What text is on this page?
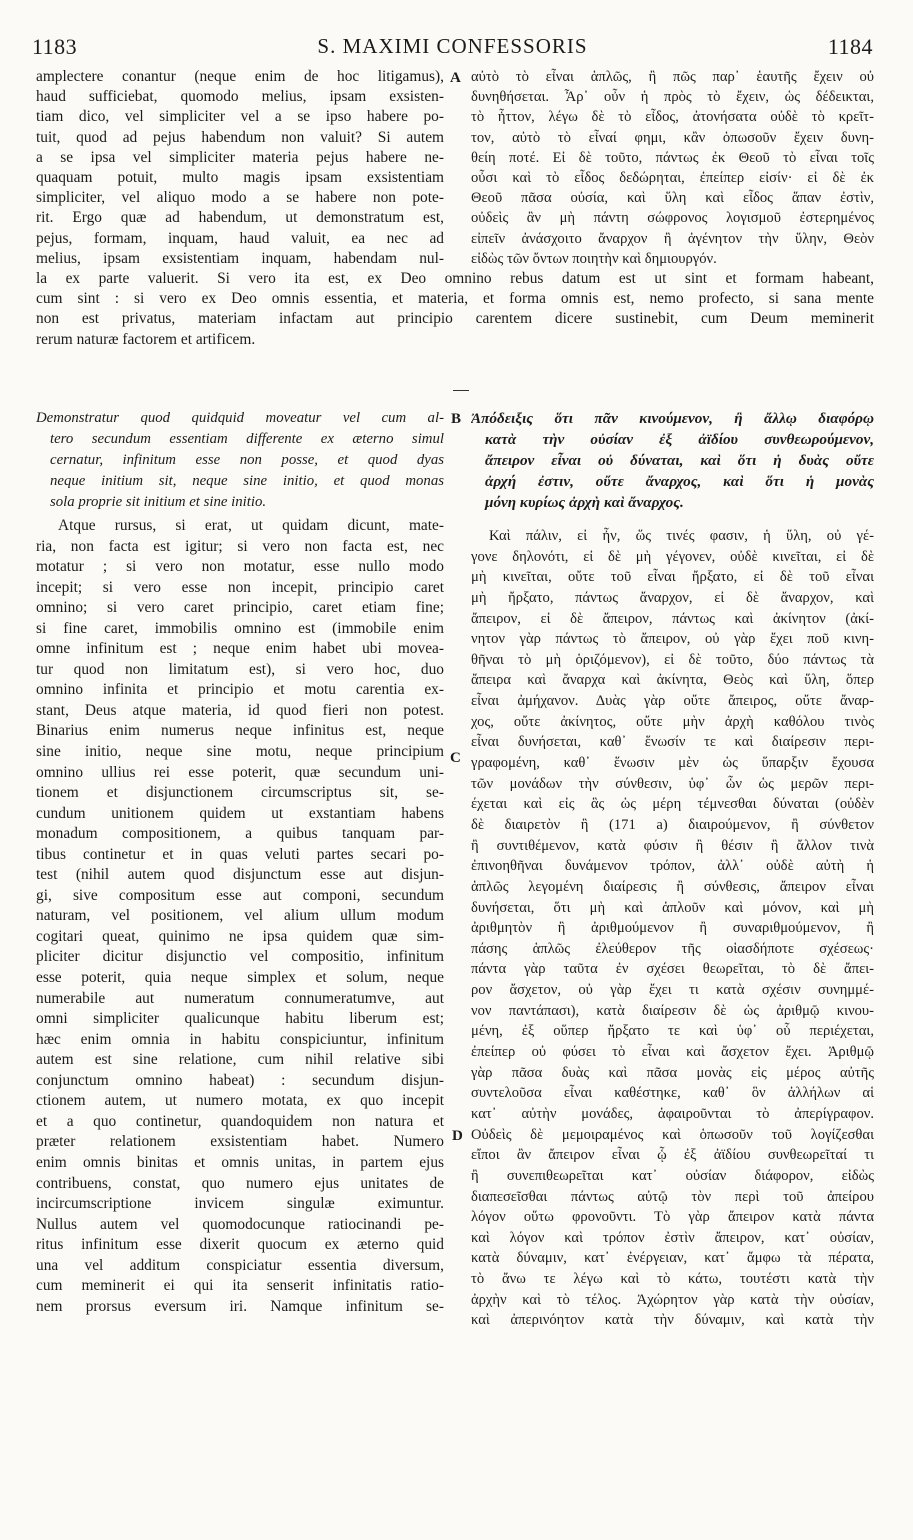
S. MAXIMI CONFESSORIS
1183	1184
A
B
C
D
amplectere conantur (neque enim de hoc litigamus),
haud sufficiebat, quomodo melius, ipsam exsisten-
tiam dico, vel simpliciter vel a se ipso habere po-
tuit, quod ad pejus habendum non valuit? Si autem
a se ipsa vel simpliciter materia pejus habere ne-
quaquam potuit, multo magis ipsam exsistentiam
simpliciter, vel aliquo modo a se habere non pote-
rit. Ergo quæ ad habendum, ut demonstratum est,
pejus, formam, inquam, haud valuit, ea nec ad
melius, ipsam exsistentiam inquam, habendam nul-
αὐτὸ τὸ εἶναι ἁπλῶς, ἢ πῶς παρ᾽ ἑαυτῆς ἔχειν οὐ
δυνηθήσεται. Ἆρ᾽ οὖν ἡ πρὸς τὸ ἔχειν, ὡς δέδεικται,
τὸ ἧττον, λέγω δὲ τὸ εἶδος, ἀτονήσατα οὐδὲ τὸ κρεῖτ-
τον, αὐτὸ τὸ εἶναί φημι, κἂν ὁπωσοῦν ἔχειν δυνη-
θείη ποτέ. Εἰ δὲ τοῦτο, πάντως ἐκ Θεοῦ τὸ εἶναι τοῖς
οὖσι καὶ τὸ εἶδος δεδώρηται, ἐπείπερ εἰσίν· εἰ δὲ ἐκ
Θεοῦ πᾶσα οὐσία, καὶ ὕλη καὶ εἶδος ἅπαν ἐστὶν,
οὐδεὶς ἂν μὴ πάντη σώφρονος λογισμοῦ ἐστερημένος
εἰπεῖν ἀνάσχοιτο ἄναρχον ἢ ἀγένητον τὴν ὕλην, Θεὸν
εἰδὼς τῶν ὄντων ποιητὴν καὶ δημιουργόν.
la ex parte valuerit. Si vero ita est, ex Deo omnino rebus datum est ut sint et formam habeant,
cum sint : si vero ex Deo omnis essentia, et materia, et forma omnis est, nemo profecto, si sana mente
non est privatus, materiam infactam aut principio carentem dicere sustinebit, cum Deum meminerit
rerum naturæ factorem et artificem.
Demonstratur quod quidquid moveatur vel cum al-
tero secundum essentiam differente ex æterno simul
cernatur, infinitum esse non posse, et quod dyas
neque initium sit, neque sine initio, et quod monas
sola proprie sit initium et sine initio.
Ἀπόδειξις ὅτι πᾶν κινούμενον, ἢ ἄλλῳ διαφόρῳ
κατὰ τὴν οὐσίαν ἐξ ἀϊδίου συνθεωρούμενον,
ἄπειρον εἶναι οὐ δύναται, καὶ ὅτι ἡ δυὰς οὔτε
ἀρχή ἐστιν, οὔτε ἄναρχος, καὶ ὅτι ἡ μονὰς
μόνη κυρίως ἀρχὴ καὶ ἄναρχος.
Atque rursus, si erat, ut quidam dicunt, mate-
ria, non facta est igitur; si vero non facta est, nec
motatur ; si vero non motatur, esse nullo modo
incepit; si vero esse non incepit, principio caret
omnino; si vero caret principio, caret etiam fine;
si fine caret, immobilis omnino est (immobile enim
omne infinitum est ; neque enim habet ubi movea-
tur quod non limitatum est), si vero hoc, duo
omnino infinita et principio et motu carentia ex-
stant, Deus atque materia, id quod fieri non potest.
Binarius enim numerus neque infinitus est, neque
sine initio, neque sine motu, neque principium
omnino ullius rei esse poterit, quæ secundum uni-
tionem et disjunctionem circumscriptus sit, se-
cundum unitionem quidem ut exstantiam habens
monadum compositionem, a quibus tanquam par-
tibus continetur et in quas veluti partes secari po-
test (nihil autem quod disjunctum esse aut disjun-
gi, sive compositum esse aut componi, secundum
naturam, vel positionem, vel alium ullum modum
cogitari queat, quinimo ne ipsa quidem quæ sim-
pliciter dicitur disjunctio vel compositio, infinitum
esse poterit, quia neque simplex et solum, neque
numerabile aut numeratum connumeratumve, aut
omni simpliciter qualicunque habitu liberum est;
hæc enim omnia in habitu conspiciuntur, infinitum
autem est sine relatione, cum nihil relative sibi
conjunctum omnino habeat) : secundum disjun-
ctionem autem, ut numero motata, ex quo incepit
et a quo continetur, quandoquidem non natura et
præter relationem exsistentiam habet. Numero
enim omnis binitas et omnis unitas, in partem ejus
contribuens, constat, quo numero ejus unitates de
incircumscriptione invicem singulæ eximuntur.
Nullus autem vel quomodocunque ratiocinandi pe-
ritus infinitum esse dixerit quocum ex æterno quid
una vel additum conspiciatur essentia diversum,
cum meminerit ei qui ita senserit infinitatis ratio-
nem prorsus eversum iri. Namque infinitum se-
Καὶ πάλιν, εἰ ἦν, ὥς τινές φασιν, ἡ ὕλη, οὐ γέ-
γονε δηλονότι, εἰ δὲ μὴ γέγονεν, οὐδὲ κινεῖται, εἰ δὲ
μὴ κινεῖται, οὔτε τοῦ εἶναι ἤρξατο, εἰ δὲ τοῦ εἶναι
μὴ ἤρξατο, πάντως ἄναρχον, εἰ δὲ ἄναρχον, καὶ
ἄπειρον, εἰ δὲ ἄπειρον, πάντως καὶ ἀκίνητον (ἀκί-
νητον γὰρ πάντως τὸ ἄπειρον, οὐ γὰρ ἔχει ποῦ κινη-
θῆναι τὸ μὴ ὁριζόμενον), εἰ δὲ τοῦτο, δύο πάντως τὰ
ἄπειρα καὶ ἄναρχα καὶ ἀκίνητα, Θεὸς καὶ ὕλη, ὅπερ
εἶναι ἀμήχανον. Δυὰς γὰρ οὔτε ἄπειρος, οὔτε ἄναρ-
χος, οὔτε ἀκίνητος, οὔτε μὴν ἀρχὴ καθόλου τινὸς
εἶναι δυνήσεται, καθ᾽ ἕνωσίν τε καὶ διαίρεσιν περι-
γραφομένη, καθ᾽ ἕνωσιν μὲν ὡς ὕπαρξιν ἔχουσα
τῶν μονάδων τὴν σύνθεσιν, ὑφ᾽ ὧν ὡς μερῶν περι-
έχεται καὶ εἰς ἃς ὡς μέρη τέμνεσθαι δύναται (οὐδὲν
δὲ διαιρετὸν ἢ (171 a) διαιρούμενον, ἢ σύνθετον
ἢ συντιθέμενον, κατὰ φύσιν ἢ θέσιν ἢ ἄλλον τινὰ
ἐπινοηθῆναι δυνάμενον τρόπον, ἀλλ᾽ οὐδὲ αὐτὴ ἡ
ἁπλῶς λεγομένη διαίρεσις ἢ σύνθεσις, ἄπειρον εἶναι
δυνήσεται, ὅτι μὴ καὶ ἁπλοῦν καὶ μόνον, καὶ μὴ
ἀριθμητὸν ἢ ἀριθμούμενον ἢ συναριθμούμενον, ἢ
πάσης ἁπλῶς ἐλεύθερον τῆς οἱασδήποτε σχέσεως·
πάντα γὰρ ταῦτα ἐν σχέσει θεωρεῖται, τὸ δὲ ἄπει-
ρον ἄσχετον, οὐ γὰρ ἔχει τι κατὰ σχέσιν συνημμέ-
νον παντάπασι), κατὰ διαίρεσιν δὲ ὡς ἀριθμῷ κινου-
μένη, ἐξ οὕπερ ἤρξατο τε καὶ ὑφ᾽ οὗ περιέχεται,
ἐπείπερ οὐ φύσει τὸ εἶναι καὶ ἄσχετον ἔχει. Ἀριθμῷ
γὰρ πᾶσα δυὰς καὶ πᾶσα μονὰς εἰς μέρος αὐτῆς
συντελοῦσα εἶναι καθέστηκε, καθ᾽ ὃν ἀλλήλων αἱ
κατ᾽ αὐτὴν μονάδες, ἀφαιροῦνται τὸ ἀπερίγραφον.
Οὐδεὶς δὲ μεμοιραμένος καὶ ὁπωσοῦν τοῦ λογίζεσθαι
εἴποι ἂν ἄπειρον εἶναι ᾧ ἐξ ἀϊδίου συνθεωρεῖταί τι
ἢ συνεπιθεωρεῖται κατ᾽ οὐσίαν διάφορον, εἰδὼς
διαπεσεῖσθαι πάντως αὐτῷ τὸν περὶ τοῦ ἀπείρου
λόγον οὕτω φρονοῦντι. Τὸ γὰρ ἄπειρον κατὰ πάντα
καὶ λόγον καὶ τρόπον ἐστὶν ἄπειρον, κατ᾽ οὐσίαν,
κατὰ δύναμιν, κατ᾽ ἐνέργειαν, κατ᾽ ἄμφω τὰ πέρατα,
τὸ ἄνω τε λέγω καὶ τὸ κάτω, τουτέστι κατὰ τὴν
ἀρχὴν καὶ τὸ τέλος. Ἀχώρητον γὰρ κατὰ τὴν οὐσίαν,
καὶ ἀπερινόητον κατὰ τὴν δύναμιν, καὶ κατὰ τὴν
